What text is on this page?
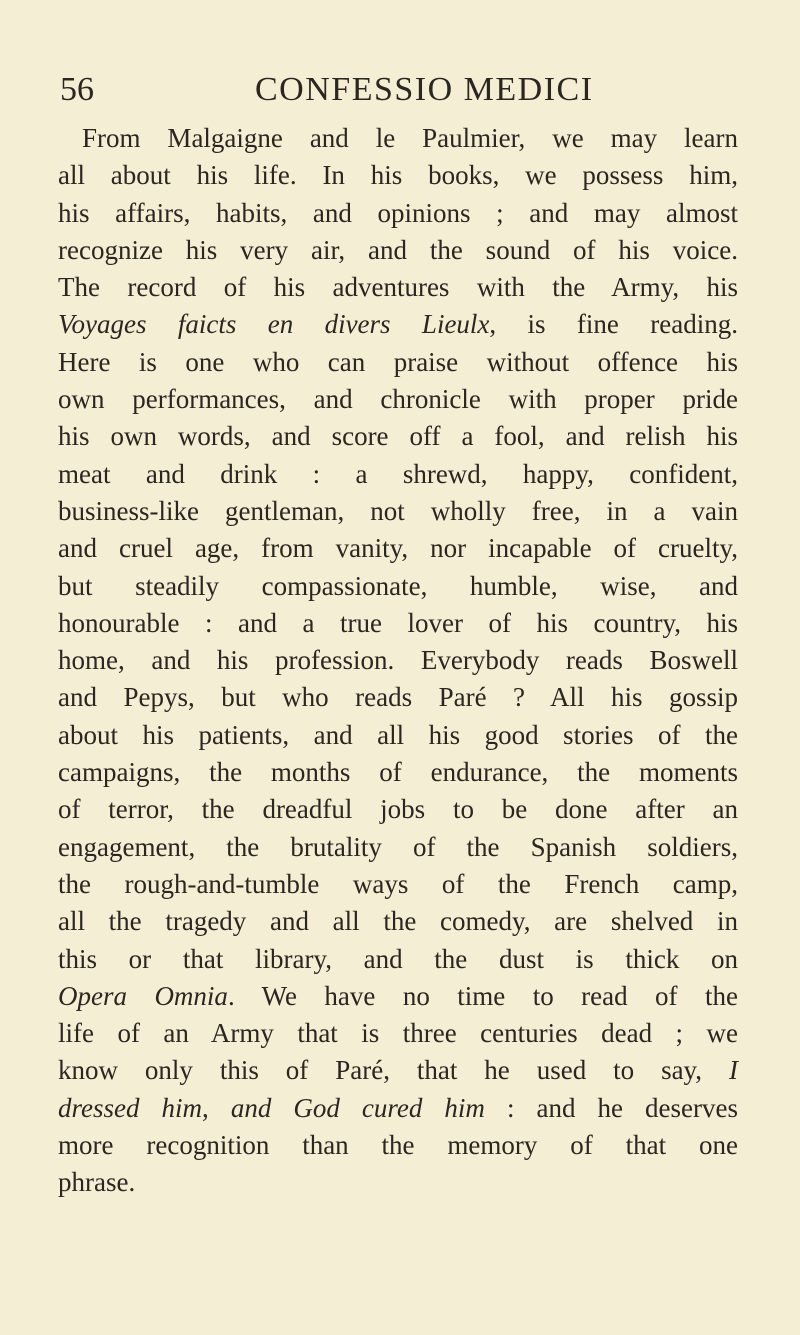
56	CONFESSIO MEDICI
From Malgaigne and le Paulmier, we may learn
all about his life. In his books, we possess him,
his affairs, habits, and opinions ; and may almost
recognize his very air, and the sound of his voice.
The record of his adventures with the Army, his
Voyages faicts en divers Lieulx, is fine reading.
Here is one who can praise without offence his
own performances, and chronicle with proper pride
his own words, and score off a fool, and relish his
meat and drink : a shrewd, happy, confident,
business-like gentleman, not wholly free, in a vain
and cruel age, from vanity, nor incapable of cruelty,
but steadily compassionate, humble, wise, and
honourable : and a true lover of his country, his
home, and his profession. Everybody reads Boswell
and Pepys, but who reads Paré ? All his gossip
about his patients, and all his good stories of the
campaigns, the months of endurance, the moments
of terror, the dreadful jobs to be done after an
engagement, the brutality of the Spanish soldiers,
the rough-and-tumble ways of the French camp,
all the tragedy and all the comedy, are shelved in
this or that library, and the dust is thick on
Opera Omnia. We have no time to read of the
life of an Army that is three centuries dead ; we
know only this of Paré, that he used to say, I
dressed him, and God cured him : and he deserves
more recognition than the memory of that one
phrase.
